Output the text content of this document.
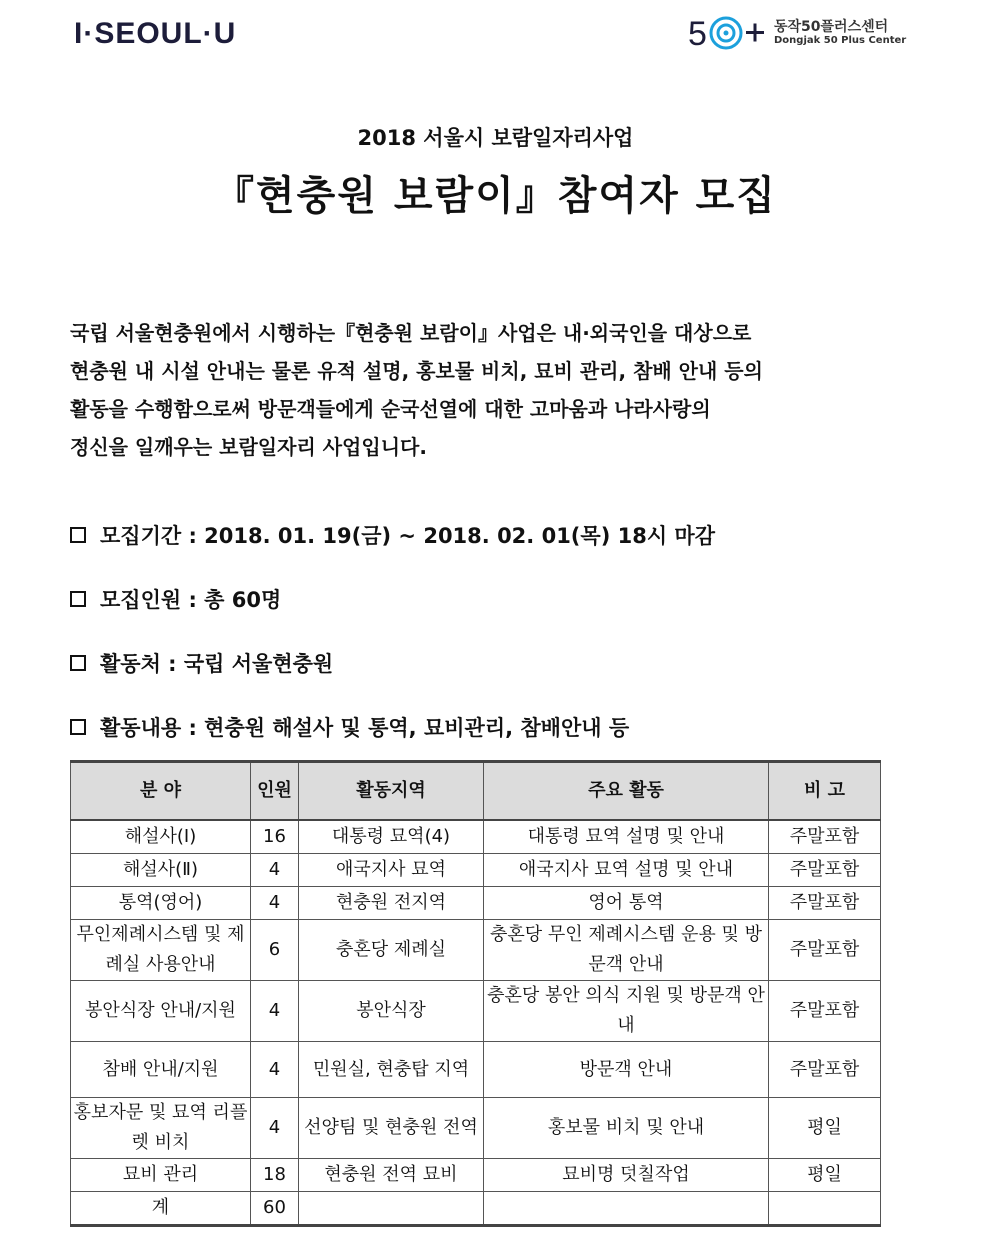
I·SEOUL·U	5	동작50플러스센터
Dongjak 50 Plus Center
2018 서울시 보람일자리사업
『현충원 보람이』참여자 모집
국립 서울현충원에서 시행하는『현충원 보람이』사업은 내·외국인을 대상으로
현충원 내 시설 안내는 물론 유적 설명, 홍보물 비치, 묘비 관리, 참배 안내 등의
활동을 수행함으로써 방문객들에게 순국선열에 대한 고마움과 나라사랑의
정신을 일깨우는 보람일자리 사업입니다.
모집기간 : 2018. 01. 19(금) ~ 2018. 02. 01(목) 18시 마감
모집인원 : 총 60명
활동처 : 국립 서울현충원
활동내용 : 현충원 해설사 및 통역, 묘비관리, 참배안내 등
분 야	인원	활동지역	주요 활동	비 고
해설사(Ⅰ)	16	대통령 묘역(4)	대통령 묘역 설명 및 안내	주말포함
해설사(Ⅱ)	4	애국지사 묘역	애국지사 묘역 설명 및 안내	주말포함
통역(영어)	4	현충원 전지역	영어 통역	주말포함
무인제례시스템 및 제례실 사용안내	6	충혼당 제례실	충혼당 무인 제례시스템 운용 및 방문객 안내	주말포함
봉안식장 안내/지원	4	봉안식장	충혼당 봉안 의식 지원 및 방문객 안내	주말포함
참배 안내/지원	4	민원실, 현충탑 지역	방문객 안내	주말포함
홍보자문 및 묘역 리플렛 비치	4	선양팀 및 현충원 전역	홍보물 비치 및 안내	평일
묘비 관리	18	현충원 전역 묘비	묘비명 덧칠작업	평일
계	60			
